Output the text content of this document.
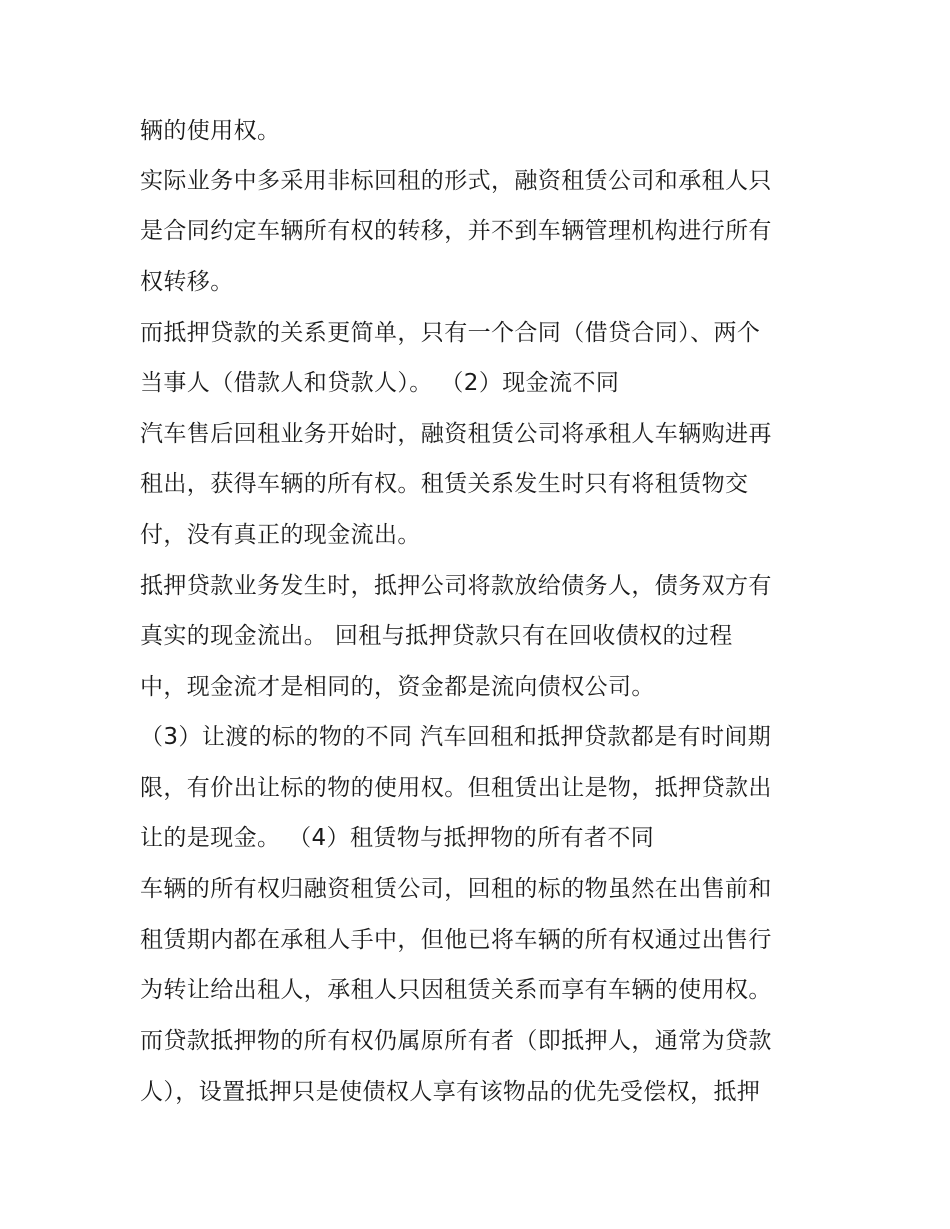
辆的使用权。
实际业务中多采用非标回租的形式，融资租赁公司和承租人只
是合同约定车辆所有权的转移，并不到车辆管理机构进行所有
权转移。
而抵押贷款的关系更简单，只有一个合同（借贷合同）、两个
当事人（借款人和贷款人）。 （2）现金流不同
汽车售后回租业务开始时，融资租赁公司将承租人车辆购进再
租出，获得车辆的所有权。租赁关系发生时只有将租赁物交
付，没有真正的现金流出。
抵押贷款业务发生时，抵押公司将款放给债务人，债务双方有
真实的现金流出。 回租与抵押贷款只有在回收债权的过程
中，现金流才是相同的，资金都是流向债权公司。
（3）让渡的标的物的不同 汽车回租和抵押贷款都是有时间期
限，有价出让标的物的使用权。但租赁出让是物，抵押贷款出
让的是现金。 （4）租赁物与抵押物的所有者不同
车辆的所有权归融资租赁公司，回租的标的物虽然在出售前和
租赁期内都在承租人手中，但他已将车辆的所有权通过出售行
为转让给出租人，承租人只因租赁关系而享有车辆的使用权。
而贷款抵押物的所有权仍属原所有者（即抵押人，通常为贷款
人），设置抵押只是使债权人享有该物品的优先受偿权，抵押
